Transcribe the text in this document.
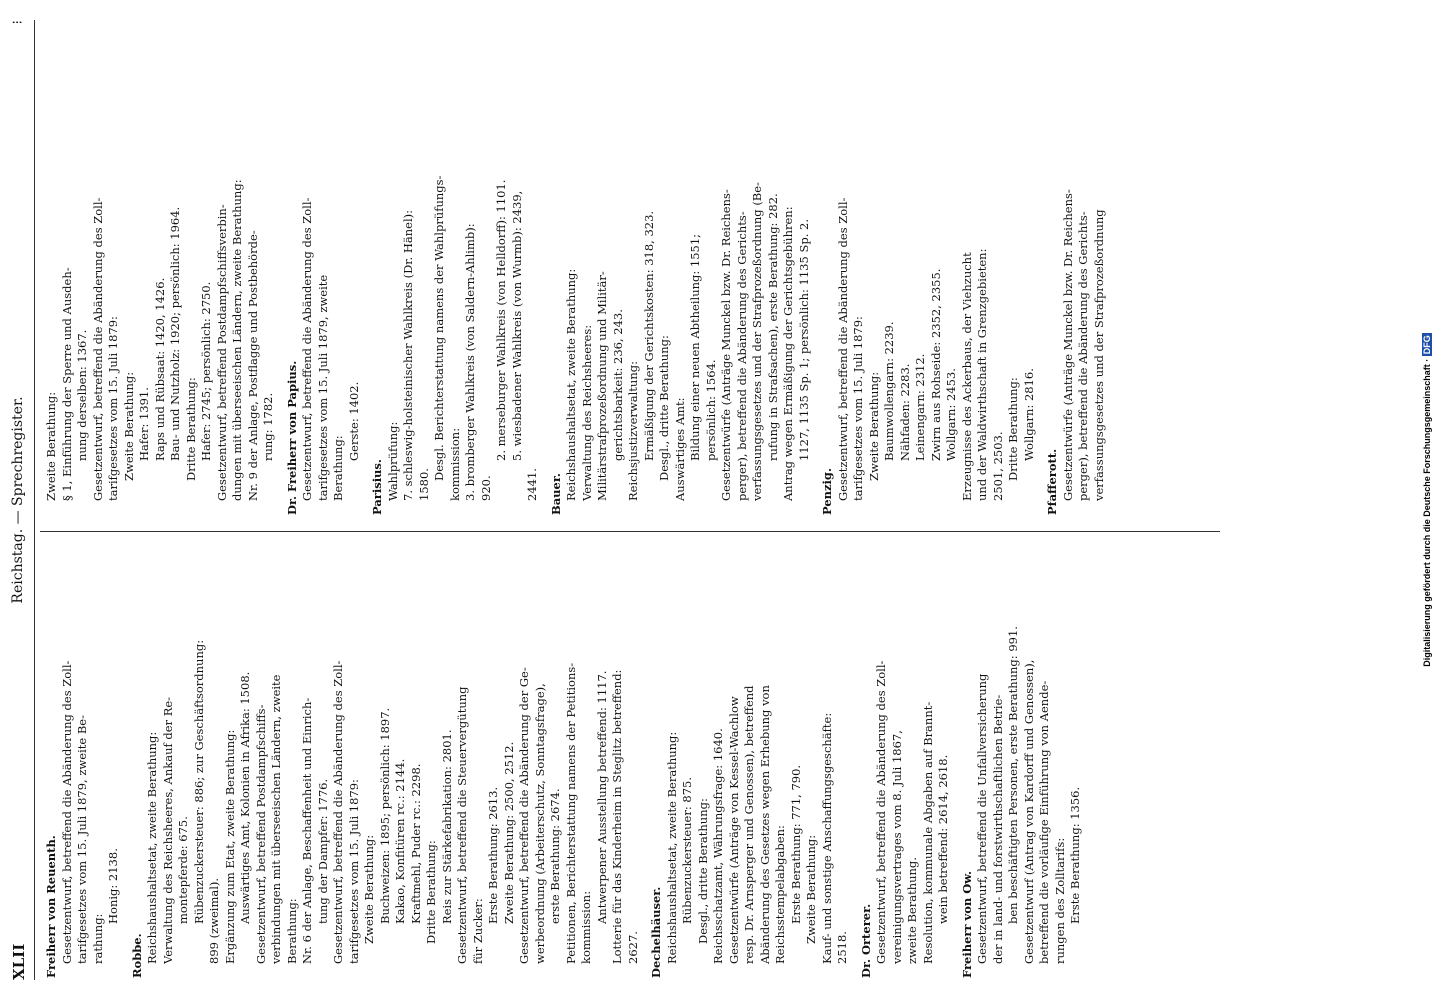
XLII
Reichstag. — Sprechregister.
⁝
Freiherr von Reuenth. Gesetzentwurf, betreffend die Abänderung des Zoll- tarifgesetzes vom 15. Juli 1879, zweite Be- rathung:
Honig: 2138.
Robbe. Reichshaushaltsetat, zweite Berathung: Verwaltung des Reichsheeres, Ankauf der Re- montepferde: 675. Rübenzuckersteuer: 886; zur Geschäftsordnung: 899 (zweimal). Ergänzung zum Etat, zweite Berathung: Auswärtiges Amt, Kolonien in Afrika: 1508. Gesetzentwurf, betreffend Postdampfschiffs- verbindungen mit überseeischen Ländern, zweite Berathung: Nr. 6 der Anlage, Beschaffenheit und Einrich- tung der Dampfer: 1776. Gesetzentwurf, betreffend die Abänderung des Zoll- tarifgesetzes vom 15. Juli 1879: Zweite Berathung: Buchweizen: 1895; persönlich: 1897. Kakao, Konfitüren rc.: 2144. Kraftmehl, Puder rc.: 2298. Dritte Berathung: Reis zur Stärkefabrikation: 2801. Gesetzentwurf, betreffend die Steuervergütung für Zucker:
Erste Berathung: 2613. Zweite Berathung: 2500, 2512. Gesetzentwurf, betreffend die Abänderung der Ge- werbeordnung (Arbeiterschutz, Sonntagsfrage), erste Berathung: 2674. Petitionen, Berichterstattung namens der Petitions- kommission:
Antwerpener Ausstellung betreffend: 1117. Lotterie für das Kinderheim in Steglitz betreffend: 2627. Dechelhäuser. Reichshaushaltsetat, zweite Berathung: Rübenzuckersteuer: 875. Desgl., dritte Berathung: Reichsschatzamt, Währungsfrage: 1640. Gesetzentwürfe (Anträge von Kessel-Wachlow resp. Dr. Arnsperger und Genossen), betreffend Abänderung des Gesetzes wegen Erhebung von Reichsstempelabgaben: Erste Berathung: 771, 790. Zweite Berathung: Kauf- und sonstige Anschaffungsgeschäfte: 2518. Dr. Orterer. Gesetzentwurf, betreffend die Abänderung des Zoll- vereinigungsvertrages vom 8. Juli 1867, zweite Berathung. Resolution, kommunale Abgaben auf Brannt- wein betreffend: 2614, 2618.
Freiherr von Ow. Gesetzentwurf, betreffend die Unfallversicherung der in land- und forstwirthschaftlichen Betrie- ben beschäftigten Personen, erste Berathung: 991. Gesetzentwurf (Antrag von Kardorff und Genossen), betreffend die vorläufige Einführung von Aende- rungen des Zolltarifs: Erste Berathung: 1356.
Zweite Berathung: § 1, Einführung der Sperre und Ausdeh- nung derselben: 1367. Gesetzentwurf, betreffend die Abänderung des Zoll- tarifgesetzes vom 15. Juli 1879: Zweite Berathung: Hafer: 1391. Raps und Rübsaat: 1420, 1426. Bau- und Nutzholz: 1920; persönlich: 1964. Dritte Berathung: Hafer: 2745; persönlich: 2750. Gesetzentwurf, betreffend Postdampfschiffsverbin- dungen mit überseeischen Ländern, zweite Berathung: Nr. 9 der Anlage, Postflagge und Postbehörde- rung: 1782. Dr. Freiherr von Papius. Gesetzentwurf, betreffend die Abänderung des Zoll- tarifgesetzes vom 15. Juli 1879, zweite Berathung:
Gerste: 1402.
Parisius. Wahlprüfung: 7. schleswig-holsteinischer Wahlkreis (Dr. Hänel): 1580.
Desgl. Berichterstattung namens der Wahlprüfungs- kommission: 3. bromberger Wahlkreis (von Saldern-Ahlimb): 920.
2. merseburger Wahlkreis (von Helldorff): 1101. 5. wiesbadener Wahlkreis (von Wurmb): 2439,
2441. Bauer. Reichshaushaltsetat, zweite Berathung: Verwaltung des Reichsheeres: Militärstrafprozeßordnung und Militär- gerichtsbarkeit: 236, 243. Reichsjustizverwaltung: Ermäßigung der Gerichtskosten: 318, 323. Desgl., dritte Berathung: Auswärtiges Amt: Bildung einer neuen Abtheilung: 1551; persönlich: 1564. Gesetzentwürfe (Anträge Munckel bzw. Dr. Reichens- perger), betreffend die Abänderung des Gerichts- verfassungsgesetzes und der Strafprozeßordnung (Be- rufung in Strafsachen), erste Berathung: 282. Antrag wegen Ermäßigung der Gerichtsgebühren: 1127, 1135 Sp. 1; persönlich: 1135 Sp. 2.
Penzig. Gesetzentwurf, betreffend die Abänderung des Zoll- tarifgesetzes vom 15. Juli 1879: Zweite Berathung: Baumwollengarn: 2239. Nähfaden: 2283. Leinengarn: 2312. Zwirn aus Rohseide: 2352, 2355. Wollgarn: 2453. Erzeugnisse des Ackerbaus, der Viehzucht und der Waldwirthschaft in Grenzgebieten: 2501, 2503. Dritte Berathung: Wollgarn: 2816.
Pfafferott. Gesetzentwürfe (Anträge Munckel bzw. Dr. Reichens- perger), betreffend die Abänderung des Gerichts- verfassungsgesetzes und der Strafprozeßordnung
Digitalisierung gefördert durch die Deutsche Forschungsgemeinschaft · DFG
